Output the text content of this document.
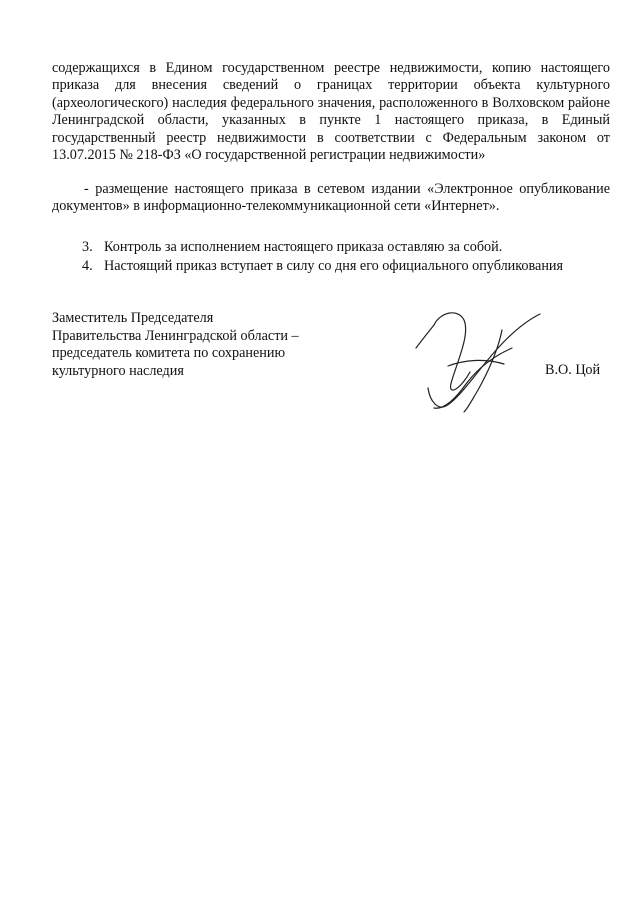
содержащихся в Едином государственном реестре недвижимости, копию настоящего приказа для внесения сведений о границах территории объекта культурного (археологического) наследия федерального значения, расположенного в Волховском районе Ленинградской области, указанных в пункте 1 настоящего приказа, в Единый государственный реестр недвижимости в соответствии с Федеральным законом от 13.07.2015 № 218-ФЗ «О государственной регистрации недвижимости»

- размещение настоящего приказа в сетевом издании «Электронное опубликование документов» в информационно-телекоммуникационной сети «Интернет».

3. Контроль за исполнением настоящего приказа оставляю за собой.
4. Настоящий приказ вступает в силу со дня его официального опубликования
Заместитель Председателя
Правительства Ленинградской области –
председатель комитета по сохранению
культурного наследия	В.О. Цой
